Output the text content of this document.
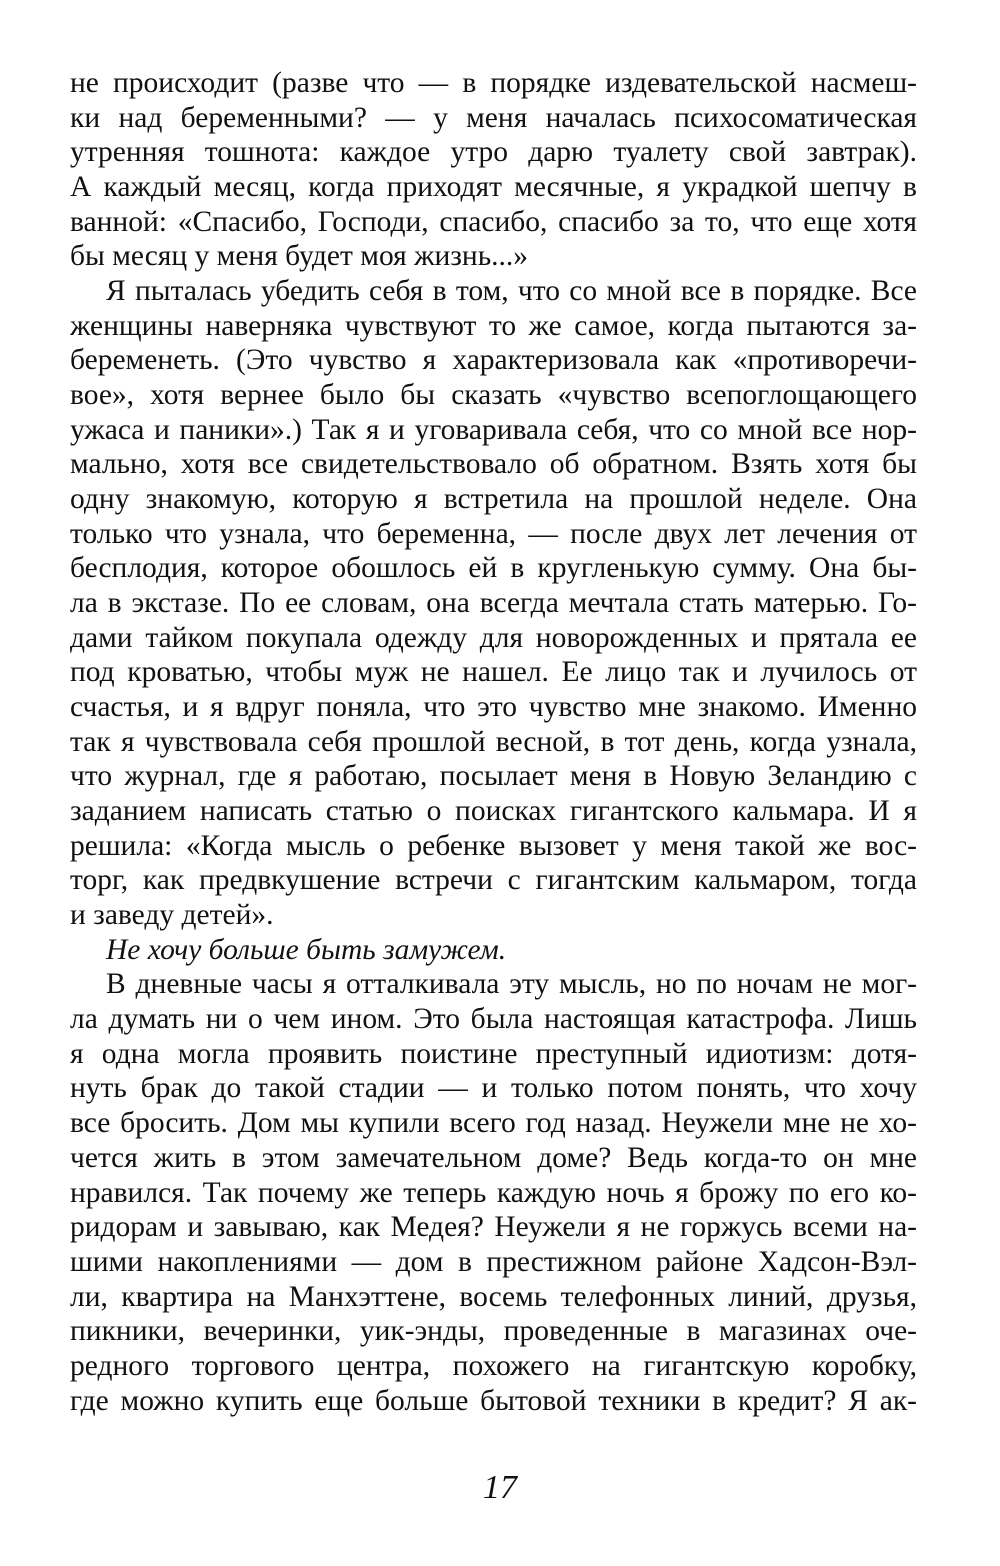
не происходит (разве что — в порядке издевательской насмеш-
ки над беременными? — у меня началась психосоматическая
утренняя тошнота: каждое утро дарю туалету свой завтрак).
А каждый месяц, когда приходят месячные, я украдкой шепчу в
ванной: «Спасибо, Господи, спасибо, спасибо за то, что еще хотя
бы месяц у меня будет моя жизнь...»
Я пыталась убедить себя в том, что со мной все в порядке. Все
женщины наверняка чувствуют то же самое, когда пытаются за-
беременеть. (Это чувство я характеризовала как «противоречи-
вое», хотя вернее было бы сказать «чувство всепоглощающего
ужаса и паники».) Так я и уговаривала себя, что со мной все нор-
мально, хотя все свидетельствовало об обратном. Взять хотя бы
одну знакомую, которую я встретила на прошлой неделе. Она
только что узнала, что беременна, — после двух лет лечения от
бесплодия, которое обошлось ей в кругленькую сумму. Она бы-
ла в экстазе. По ее словам, она всегда мечтала стать матерью. Го-
дами тайком покупала одежду для новорожденных и прятала ее
под кроватью, чтобы муж не нашел. Ее лицо так и лучилось от
счастья, и я вдруг поняла, что это чувство мне знакомо. Именно
так я чувствовала себя прошлой весной, в тот день, когда узнала,
что журнал, где я работаю, посылает меня в Новую Зеландию с
заданием написать статью о поисках гигантского кальмара. И я
решила: «Когда мысль о ребенке вызовет у меня такой же вос-
торг, как предвкушение встречи с гигантским кальмаром, тогда
и заведу детей».
Не хочу больше быть замужем.
В дневные часы я отталкивала эту мысль, но по ночам не мог-
ла думать ни о чем ином. Это была настоящая катастрофа. Лишь
я одна могла проявить поистине преступный идиотизм: дотя-
нуть брак до такой стадии — и только потом понять, что хочу
все бросить. Дом мы купили всего год назад. Неужели мне не хо-
чется жить в этом замечательном доме? Ведь когда-то он мне
нравился. Так почему же теперь каждую ночь я брожу по его ко-
ридорам и завываю, как Медея? Неужели я не горжусь всеми на-
шими накоплениями — дом в престижном районе Хадсон-Вэл-
ли, квартира на Манхэттене, восемь телефонных линий, друзья,
пикники, вечеринки, уик-энды, проведенные в магазинах оче-
редного торгового центра, похожего на гигантскую коробку,
где можно купить еще больше бытовой техники в кредит? Я ак-
17
